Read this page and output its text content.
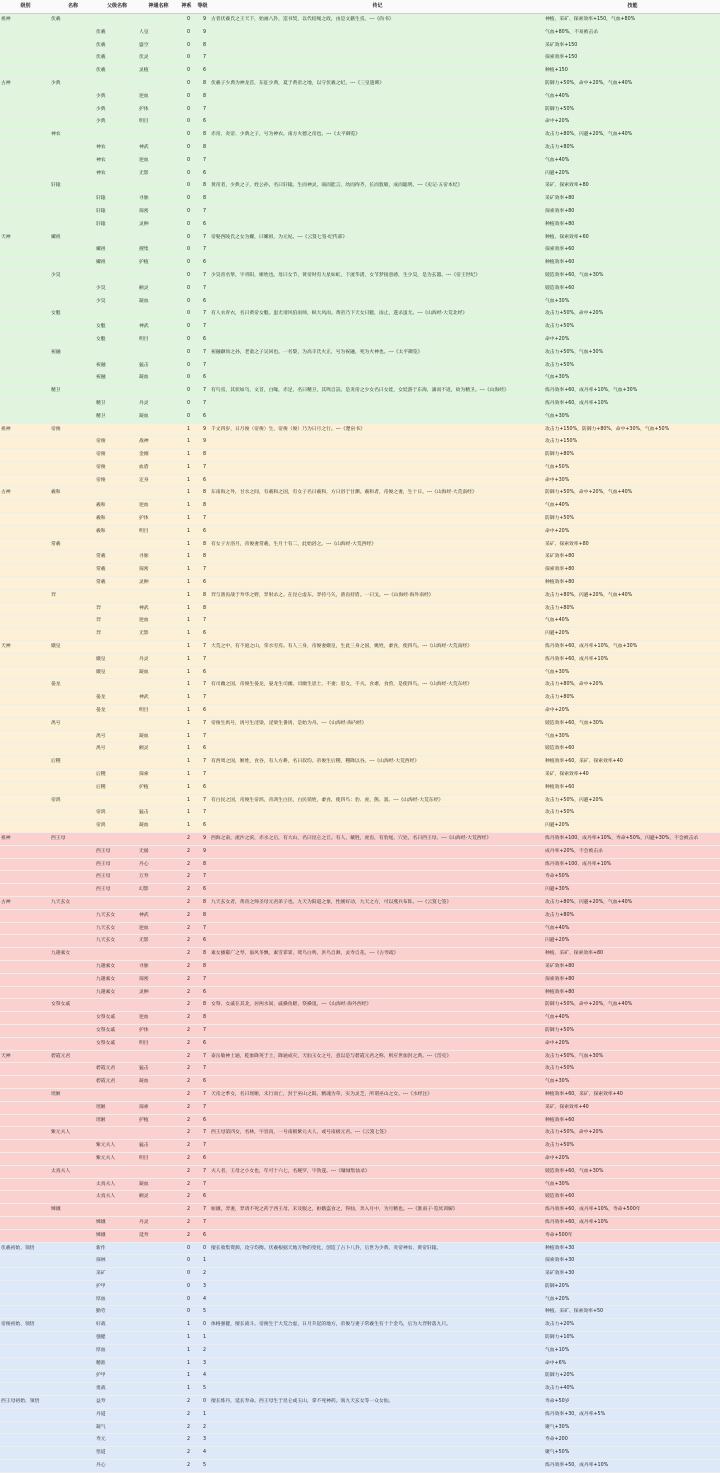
级别	名称	父级名称	神通名称	神系	等级	传记	技能
祖神	伏羲			0	9	古者伏羲氏之王天下，始画八卦，造书契，以代结绳之政，由是文籍生焉。---《尚书》	神植、采矿、探索效率+150，气血+80%
		伏羲	人皇	0	9		气血+80%，不易被击杀
		伏羲	盛空	0	8		采矿效率+150
		伏羲	伏灵	0	7		探索效率+150
		伏羲	灵植	0	6		种植+150
古神	少典			0	8	伏羲子少典为神龙首，东征少典，夏于黄帝之地，以守伏羲之纪。---《三皇遗碑》	防御力+50%，命中+20%，气血+40%
		少典	逆血	0	8		气血+40%
		少典	护体	0	7		防御力+50%
		少典	明目	0	6		命中+20%
	神农			0	8	赤帝、炎帝、少典之子，号为神农。南方火德之帝也。---《太平御览》	攻击力+80%，闪避+20%，气血+40%
		神农	神武	0	8		攻击力+80%
		神农	逆血	0	7		气血+40%
		神农	无影	0	6		闪避+20%
	轩辕			0	8	黄帝者，少典之子，姓公孙，名曰轩辕。生而神灵，弱而能言，幼而徇齐，长而敦敏，成而聪明。---《史记·五帝本纪》	采矿、探索效率+80
		轩辕	寻脉	0	8		采矿效率+80
		轩辕	探密	0	7		探索效率+80
		轩辕	灵种	0	6		种植效率+80
天神	嫘祖			0	7	帝娶西陵氏之女为嫘，曰嫘祖，为元妃。---《云笈七签·纪传部》	种植、探索效率+60
		嫘祖	搜集	0	7		探索效率+60
		嫘祖	护植	0	6		种植效率+60
	少昊			0	7	少昊帝名挚，字青阳，姬姓也。母曰女节，黄帝时有大星如虹，下流华渚，女节梦接意感，生少昊，是为玄嚣。---《帝王世纪》	锻造效率+60，气血+30%
		少昊	额灵	0	7		锻造效率+60
		少昊	凝血	0	6		气血+30%
	女魃			0	7	有人衣青衣，名曰黄帝女魃。蚩尤请风伯雨师，纵大风雨。黄帝乃下天女曰魃，雨止，遂杀蚩尤。---《山海经·大荒北经》	攻击力+50%，命中+20%
		女魃	神武	0	7		攻击力+50%
		女魃	明目	0	6		命中+20%
	祝融			0	7	祝融颛顼之孙，老童之子吴回也。一名黎，为高辛氏火正，号为祝融，死为火神也。---《太平御览》	攻击力+50%，气血+30%
		祝融	猛击	0	7		攻击力+50%
		祝融	凝血	0	6		气血+30%
	精卫			0	7	有鸟焉，其状如乌，文首，白喙，赤足，名曰精卫，其鸣自詨。是炎帝之少女名曰女娃，女娃游于东海，溺而不返，故为精卫。---《山海经》	炼丹效率+60，成丹率+10%，气血+30%
		精卫	丹灵	0	7		炼丹效率+60，成丹率+10%
		精卫	凝血	0	6		气血+30%
祖神	帝俊			1	9	千文四岁，日月俊（帝俊）生，帝俊（俊）乃为日月之行。---《楚帛书》	攻击力+150%，防御力+80%，命中+30%，气血+50%
		帝俊	战神	1	9		攻击力+150%
		帝俊	金刚	1	8		防御力+80%
		帝俊	血盾	1	7		气血+50%
		帝俊	定身	1	6		命中+30%
古神	羲和			1	8	东南海之外，甘水之间，有羲和之国，有女子名曰羲和，方日浴于甘渊。羲和者，帝俊之妻，生十日。---《山海经·大荒南经》	防御力+50%，命中+20%，气血+40%
		羲和	逆血	1	8		气血+40%
		羲和	护体	1	7		防御力+50%
		羲和	明目	1	6		命中+20%
	常羲			1	8	有女子方浴月，帝俊妻常羲，生月十有二，此始浴之。---《山海经·大荒西经》	采矿、探索效率+80
		常羲	寻脉	1	8		采矿效率+80
		常羲	探密	1	7		探索效率+80
		常羲	灵种	1	6		种植效率+80
	羿			1	8	羿与凿齿战于寿华之野，羿射杀之。在昆仑虚东。羿持弓矢，凿齿持盾。一曰戈。---《山海经·海外南经》	攻击力+80%，闪避+20%，气血+40%
		羿	神武	1	8		攻击力+80%
		羿	逆血	1	7		气血+40%
		羿	无影	1	6		闪避+20%
天神	娥皇			1	7	大荒之中，有不庭之山，荣水穷焉。有人三身，帝俊妻娥皇，生此三身之国，姚姓，黍食，使四鸟。---《山海经·大荒南经》	炼丹效率+60，成丹率+10%，气血+30%
		娥皇	丹灵	1	7		炼丹效率+60，成丹率+10%
		娥皇	凝血	1	6		气血+30%
	晏龙			1	7	有司幽之国，帝俊生晏龙，晏龙生司幽，司幽生思士，不妻；思女，不夫。食黍，食兽，是使四鸟。---《山海经·大荒东经》	攻击力+80%，命中+20%
		晏龙	神武	1	7		攻击力+80%
		晏龙	明目	1	6		命中+20%
	禺号			1	7	帝俊生禺号，禺号生淫梁，淫梁生番禺，是始为舟。---《山海经·海内经》	锻造效率+60，气血+30%
		禺号	凝血	1	7		气血+30%
		禺号	额灵	1	6		锻造效率+60
	后稷			1	7	有西周之国，姬姓，食谷，有人方耕，名曰叔均。帝俊生后稷，稷降以谷。---《山海经·大荒西经》	种植效率+60，采矿、探索效率+40
		后稷	探索	1	7		采矿、探索效率+40
		后稷	护植	1	6		种植效率+60
	帝鸿			1	7	有白民之国，帝俊生帝鸿，帝鸿生白民，白民销姓，黍食，使四鸟：豹、虎、熊、罴。---《山海经·大荒东经》	攻击力+50%，闪避+20%
		帝鸿	猛击	1	7		攻击力+50%
		帝鸿	凝血	1	6		闪避+20%
祖神	西王母			2	9	西海之南，流沙之滨，赤水之后，有大山，名曰昆仑之丘。有人，戴胜，虎齿，有豹尾，穴处，名曰西王母。---《山海经·大荒西经》	炼丹效率+100，成丹率+10%，寿命+50%，闪避+30%，不会被击杀
		西王母	无俑	2	9		成丹率+20%，不会被击杀
		西王母	丹心	2	8		炼丹效率+100，成丹率+10%
		西王母	万寿	2	7		寿命+50%
		西王母	幻影	2	6		闪避+30%
古神	九天玄女			2	8	九天玄女者，黄帝之师圣母元君弟子也。九天为阳道之象，性刚好动，九天之方，可以燕兵布阵。---《云笈七签》	攻击力+80%，闪避+20%，气血+40%
		九天玄女	神武	2	8		攻击力+80%
		九天玄女	逆血	2	7		气血+40%
		九天玄女	无影	2	6		闪避+20%
	九趟素女			2	8	素女播郗广之琴，溢风冬飘，素雪霏霏，鸳鸟白鸣，洪鸟自舞，灵寿自花。---《古琴疏》	种植、采矿、探索效率+80
		九趟素女	寻脉	2	8		采矿效率+80
		九趟素女	探密	2	7		探索效率+80
		九趟素女	灵种	2	6		种植效率+80
	女祭女戚			2	8	女祭、女戚在其北，居两水间，戚操鱼觛，祭操俎。---《山海经·海外西经》	防御力+50%，命中+20%，气血+40%
		女祭女戚	逆血	2	8		气血+40%
		女祭女戚	护体	2	7		防御力+50%
		女祭女戚	明目	2	6		命中+20%
天神	碧霞元君			2	7	泰岳敏神上通，乾象降英于土，降通成灾，天仙玉女之号，意以是与碧霞元君之称，则应世加封之典。---《岱史》	攻击力+50%，气血+30%
		碧霞元君	猛击	2	7		攻击力+50%
		碧霞元君	凝血	2	6		气血+30%
	瑶姬			2	7	天帝之季女，名曰瑶姬，未行而亡，封于巫山之阳。精魂为草，实为灵芝，所谓巫山之女。---《水经注》	种植效率+60，采矿、探索效率+40
		瑶姬	探索	2	7		采矿、探索效率+40
		瑶姬	护植	2	6		种植效率+60
	紫元夫人			2	7	西王母第四女，名林，字容真，一号南极紫元夫人，或号南极元君。---《云笈七签》	攻击力+50%，命中+20%
		紫元夫人	猛击	2	7		攻击力+50%
		紫元夫人	明目	2	6		命中+20%
	太真夫人			2	7	夫人者，王母之小女也，年可十六七，名婉罗，字勃遂。---《墉城集仙录》	锻造效率+60，气血+30%
		太真夫人	凝血	2	7		气血+30%
		太真夫人	额灵	2	6		锻造效率+60
	嫦娥			2	7	姮娥，羿妻，羿请不死之药于西王母，未及服之，姮娥盗食之，得仙，奔入月中，为月精也。---《淮南子·览冥训解》	炼丹效率+60，成丹率+10%，寿命+500年
		嫦娥	丹灵	2	7		炼丹效率+60，成丹率+10%
		嫦娥	延寿	2	6		寿命+500年
伏羲初始、领悟		新作		0	0	擅长收集资源，攻守均衡。伏羲根据天地万物的变化，创造了占卜八卦，后世为少典、炎帝神农、黄帝轩辕。	种植效率+30
		探林		0	1		探索效率+30
		采矿		0	2		采矿效率+30
		护甲		0	3		防御+20%
		厚血		0	4		气血+20%
		勤劳		0	5		种植、采矿、探索效率+50
帝俊初始、领悟		好战		1	0	体格强健，擅长战斗。帝俊生于大荒合虚，日月升起的地方，帝俊与妻子常羲生有十个金乌，后为大羿射落九只。	攻击力+20%
		强健		1	1		防御力+10%
		厚血		1	2		气血+10%
		精准		1	3		命中+6%
		护甲		1	4		防御力+20%
		勇战		1	5		攻击力+40%
西王母初始、领悟		益寿		2	0	擅长炼丹，延长寿命。西王母生于昆仑或玉山，掌不死神药。领九天玄女等一众女仙。	寿命+50岁
		丹道		2	1		炼丹效率+30，成丹率+5%
		凝气		2	2		聚气+30%
		寿元		2	3		寿命+200
		悟道		2	4		聚气+50%
		丹心		2	5		炼丹效率+50，成丹率+10%
